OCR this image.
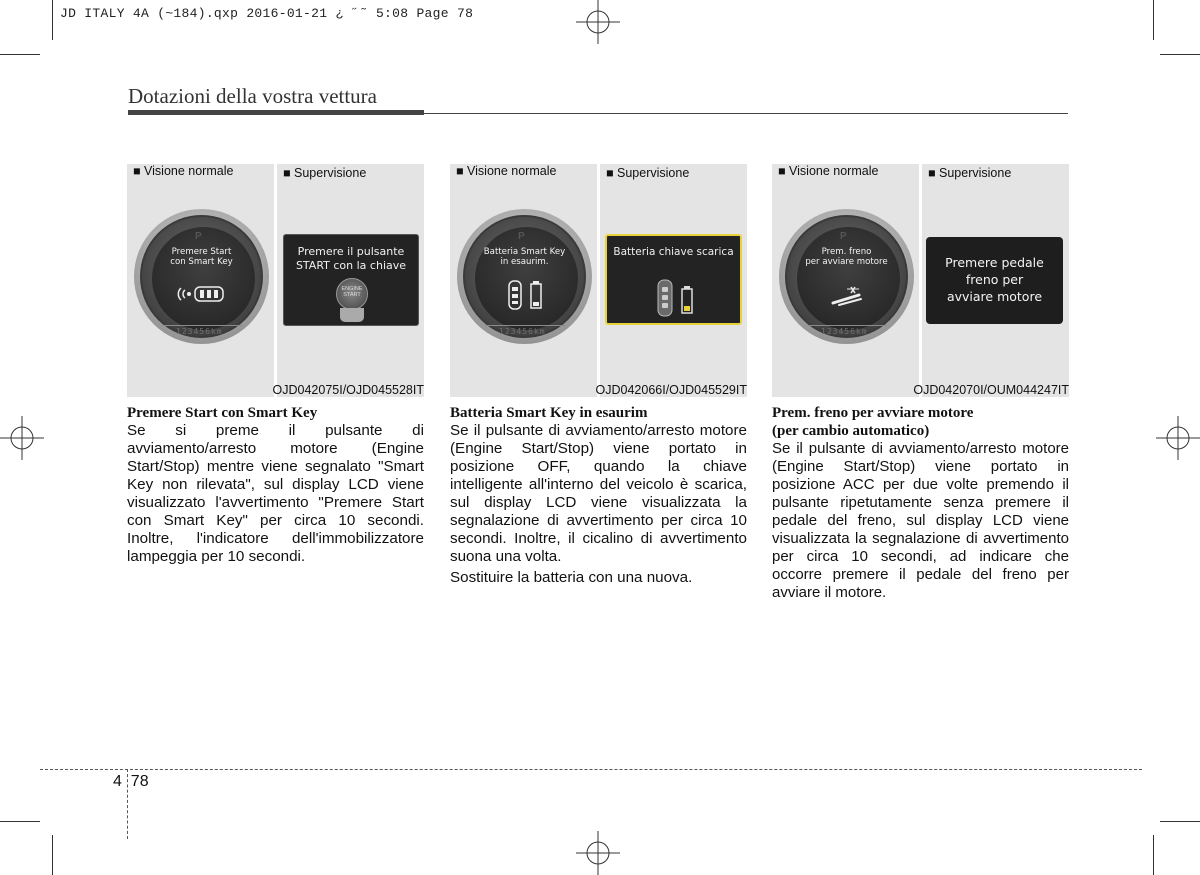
JD ITALY 4A (~184).qxp 2016-01-21 ¿ ˝˜ 5:08 Page 78
Dotazioni della vostra vettura
■ Visione normale	■ Supervisione
P
Premere Start
con Smart Key
123456km
Premere il pulsante
START con la chiave
ENGINE
START
OJD042075I/OJD045528IT
■ Visione normale	■ Supervisione
P
Batteria Smart Key
in esaurim.
123456km
Batteria chiave scarica
OJD042066I/OJD045529IT
■ Visione normale	■ Supervisione
P
Prem. freno
per avviare motore
123456km
Premere pedale
freno per
avviare motore
OJD042070I/OUM044247IT
Premere Start con Smart Key

Se si preme il pulsante di avviamento/arresto motore (Engine Start/Stop) mentre viene segnalato "Smart Key non rilevata", sul display LCD viene visualizzato l'avvertimento "Premere Start con Smart Key" per circa 10 secondi. Inoltre, l'indicatore dell'immobilizzatore lampeggia per 10 secondi.

Batteria Smart Key in esaurim

Se il pulsante di avviamento/arresto motore (Engine Start/Stop) viene portato in posizione OFF, quando la chiave intelligente all'interno del veicolo è scarica, sul display LCD viene visualizzata la segnalazione di avvertimento per circa 10 secondi. Inoltre, il cicalino di avvertimento suona una volta.

Sostituire la batteria con una nuova.

Prem. freno per avviare motore
(per cambio automatico)

Se il pulsante di avviamento/arresto motore (Engine Start/Stop) viene portato in posizione ACC per due volte premendo il pulsante ripetutamente senza premere il pedale del freno, sul display LCD viene visualizzata la segnalazione di avvertimento per circa 10 secondi, ad indicare che occorre premere il pedale del freno per avviare il motore.

4  78
